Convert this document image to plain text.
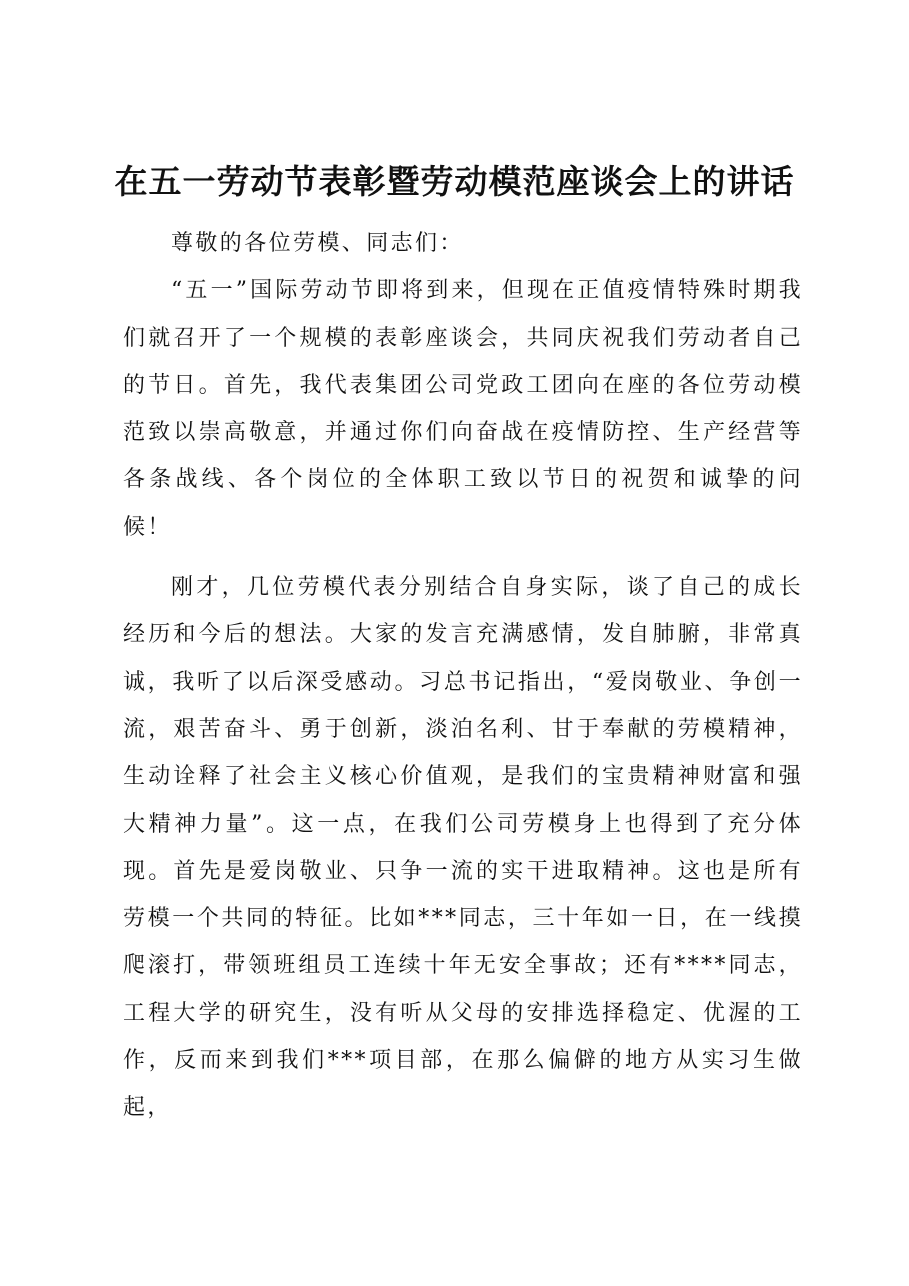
在五一劳动节表彰暨劳动模范座谈会上的讲话

尊敬的各位劳模、同志们：

“五一”国际劳动节即将到来，但现在正值疫情特殊时期我们就召开了一个规模的表彰座谈会，共同庆祝我们劳动者自己的节日。首先，我代表集团公司党政工团向在座的各位劳动模范致以崇高敬意，并通过你们向奋战在疫情防控、生产经营等各条战线、各个岗位的全体职工致以节日的祝贺和诚挚的问候！

刚才，几位劳模代表分别结合自身实际，谈了自己的成长经历和今后的想法。大家的发言充满感情，发自肺腑，非常真诚，我听了以后深受感动。习总书记指出，“爱岗敬业、争创一流，艰苦奋斗、勇于创新，淡泊名利、甘于奉献的劳模精神，生动诠释了社会主义核心价值观，是我们的宝贵精神财富和强大精神力量”。这一点，在我们公司劳模身上也得到了充分体现。首先是爱岗敬业、只争一流的实干进取精神。这也是所有劳模一个共同的特征。比如***同志，三十年如一日，在一线摸爬滚打，带领班组员工连续十年无安全事故；还有****同志，工程大学的研究生，没有听从父母的安排选择稳定、优渥的工作，反而来到我们***项目部，在那么偏僻的地方从实习生做起，
